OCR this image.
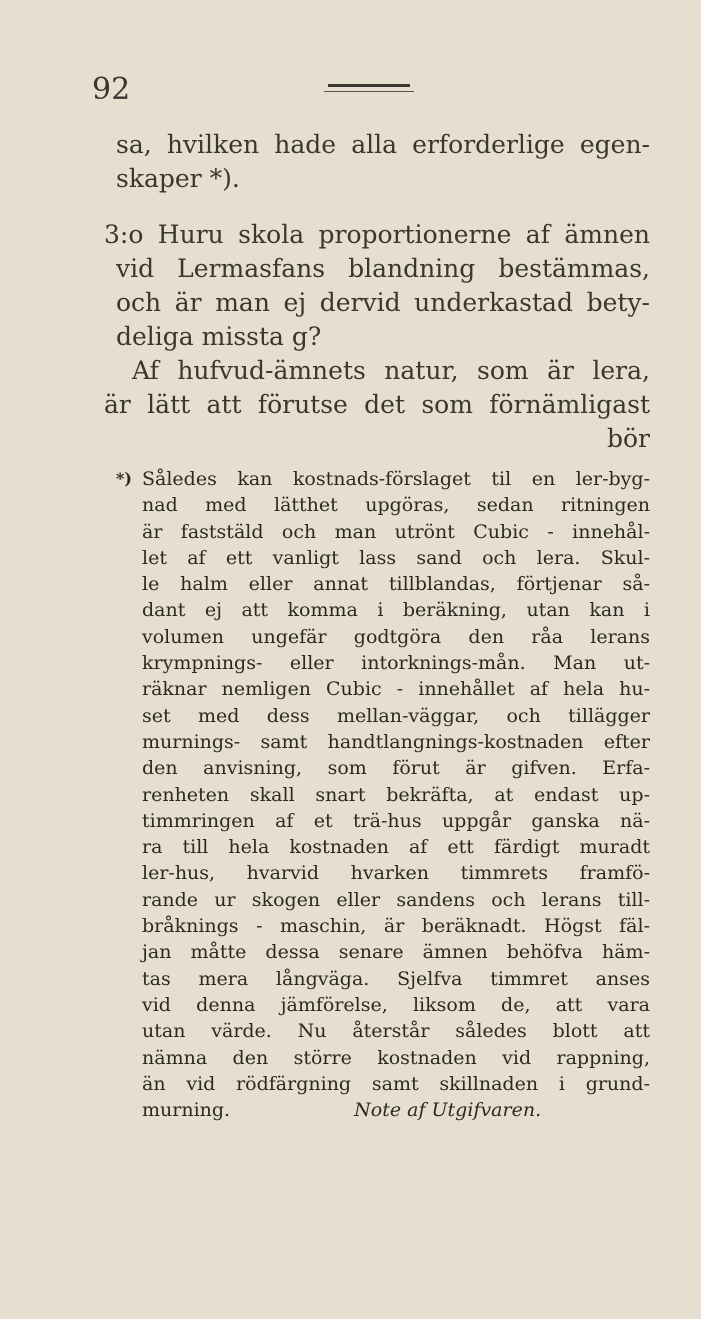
92
sa, hvilken hade alla erforderlige egen-
skaper *).
3:o Huru skola proportionerne af ämnen
vid Lermasfans blandning bestämmas,
och är man ej dervid underkastad bety-
deliga missta g?
Af hufvud-ämnets natur, som är lera,
är lätt att förutse det som förnämligast
bör
*) Således kan kostnads-förslaget til en ler-byg-
nad med lätthet upgöras, sedan ritningen
är faststäld och man utrönt Cubic - innehål-
let af ett vanligt lass sand och lera. Skul-
le halm eller annat tillblandas, förtjenar så-
dant ej att komma i beräkning, utan kan i
volumen ungefär godtgöra den råa lerans
krympnings- eller intorknings-mån. Man ut-
räknar nemligen Cubic - innehållet af hela hu-
set med dess mellan-väggar, och tillägger
murnings- samt handtlangnings-kostnaden efter
den anvisning, som förut är gifven. Erfa-
renheten skall snart bekräfta, at endast up-
timmringen af et trä-hus uppgår ganska nä-
ra till hela kostnaden af ett färdigt muradt
ler-hus, hvarvid hvarken timmrets framfö-
rande ur skogen eller sandens och lerans till-
bråknings - maschin, är beräknadt. Högst fäl-
jan måtte dessa senare ämnen behöfva häm-
tas mera långväga. Sjelfva timmret anses
vid denna jämförelse, liksom de, att vara
utan värde. Nu återstår således blott att
nämna den större kostnaden vid rappning,
än vid rödfärgning samt skillnaden i grund-
murning.	Note af Utgifvaren.
